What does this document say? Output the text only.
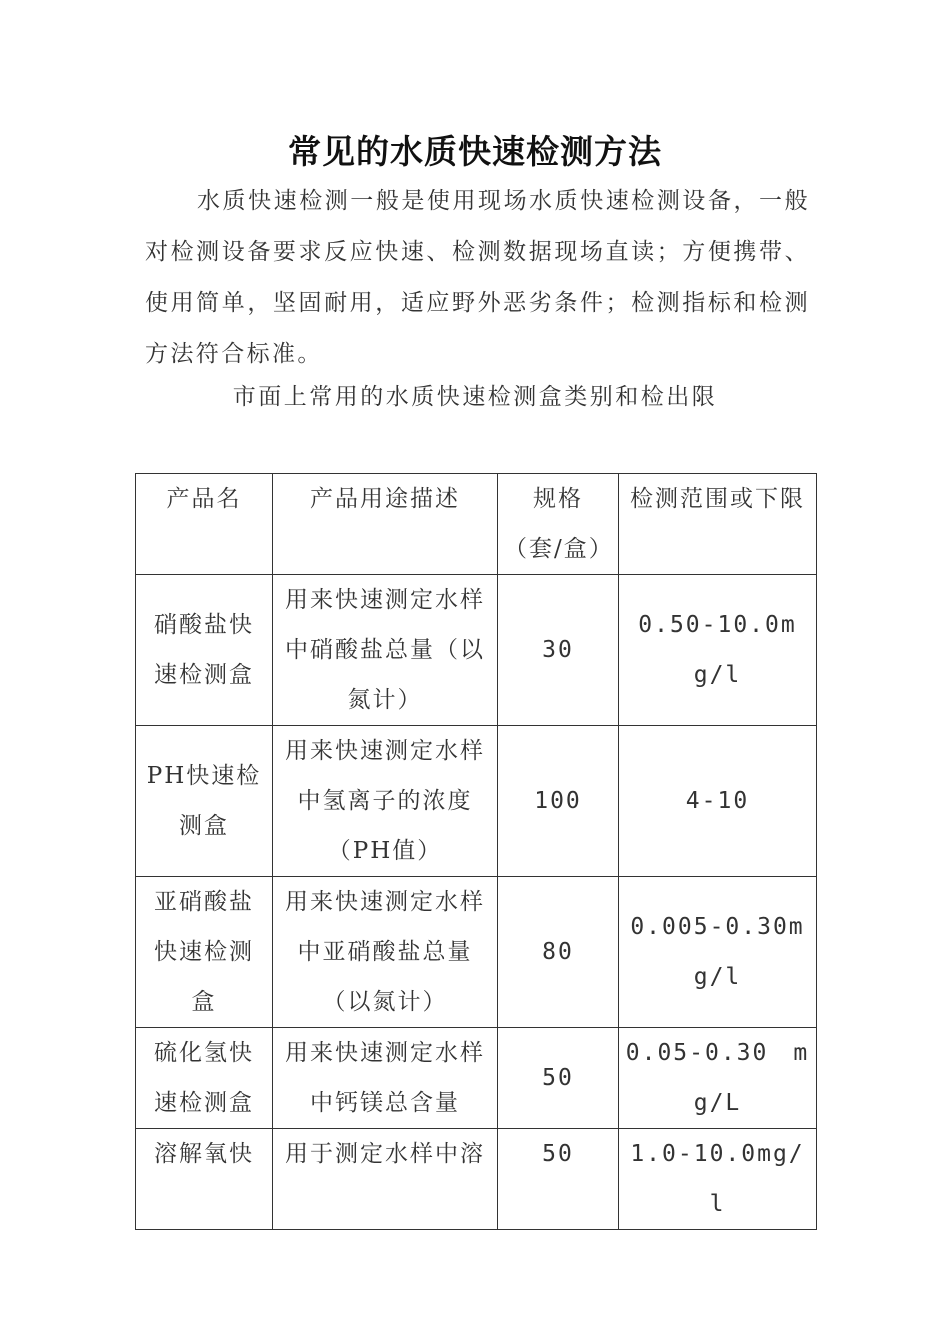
常见的水质快速检测方法
水质快速检测一般是使用现场水质快速检测设备，一般对检测设备要求反应快速、检测数据现场直读；方便携带、使用简单，坚固耐用，适应野外恶劣条件；检测指标和检测方法符合标准。
市面上常用的水质快速检测盒类别和检出限
产品名	产品用途描述	规格（套/盒）	检测范围或下限
硝酸盐快速检测盒	用来快速测定水样中硝酸盐总量（以氮计）	30	0.50-10.0mg/l
PH快速检测盒	用来快速测定水样中氢离子的浓度（PH值）	100	4-10
亚硝酸盐快速检测盒	用来快速测定水样中亚硝酸盐总量（以氮计）	80	0.005-0.30mg/l
硫化氢快速检测盒	用来快速测定水样中钙镁总含量	50	0.05-0.30　mg/L
溶解氧快	用于测定水样中溶	50	1.0-10.0mg/l
